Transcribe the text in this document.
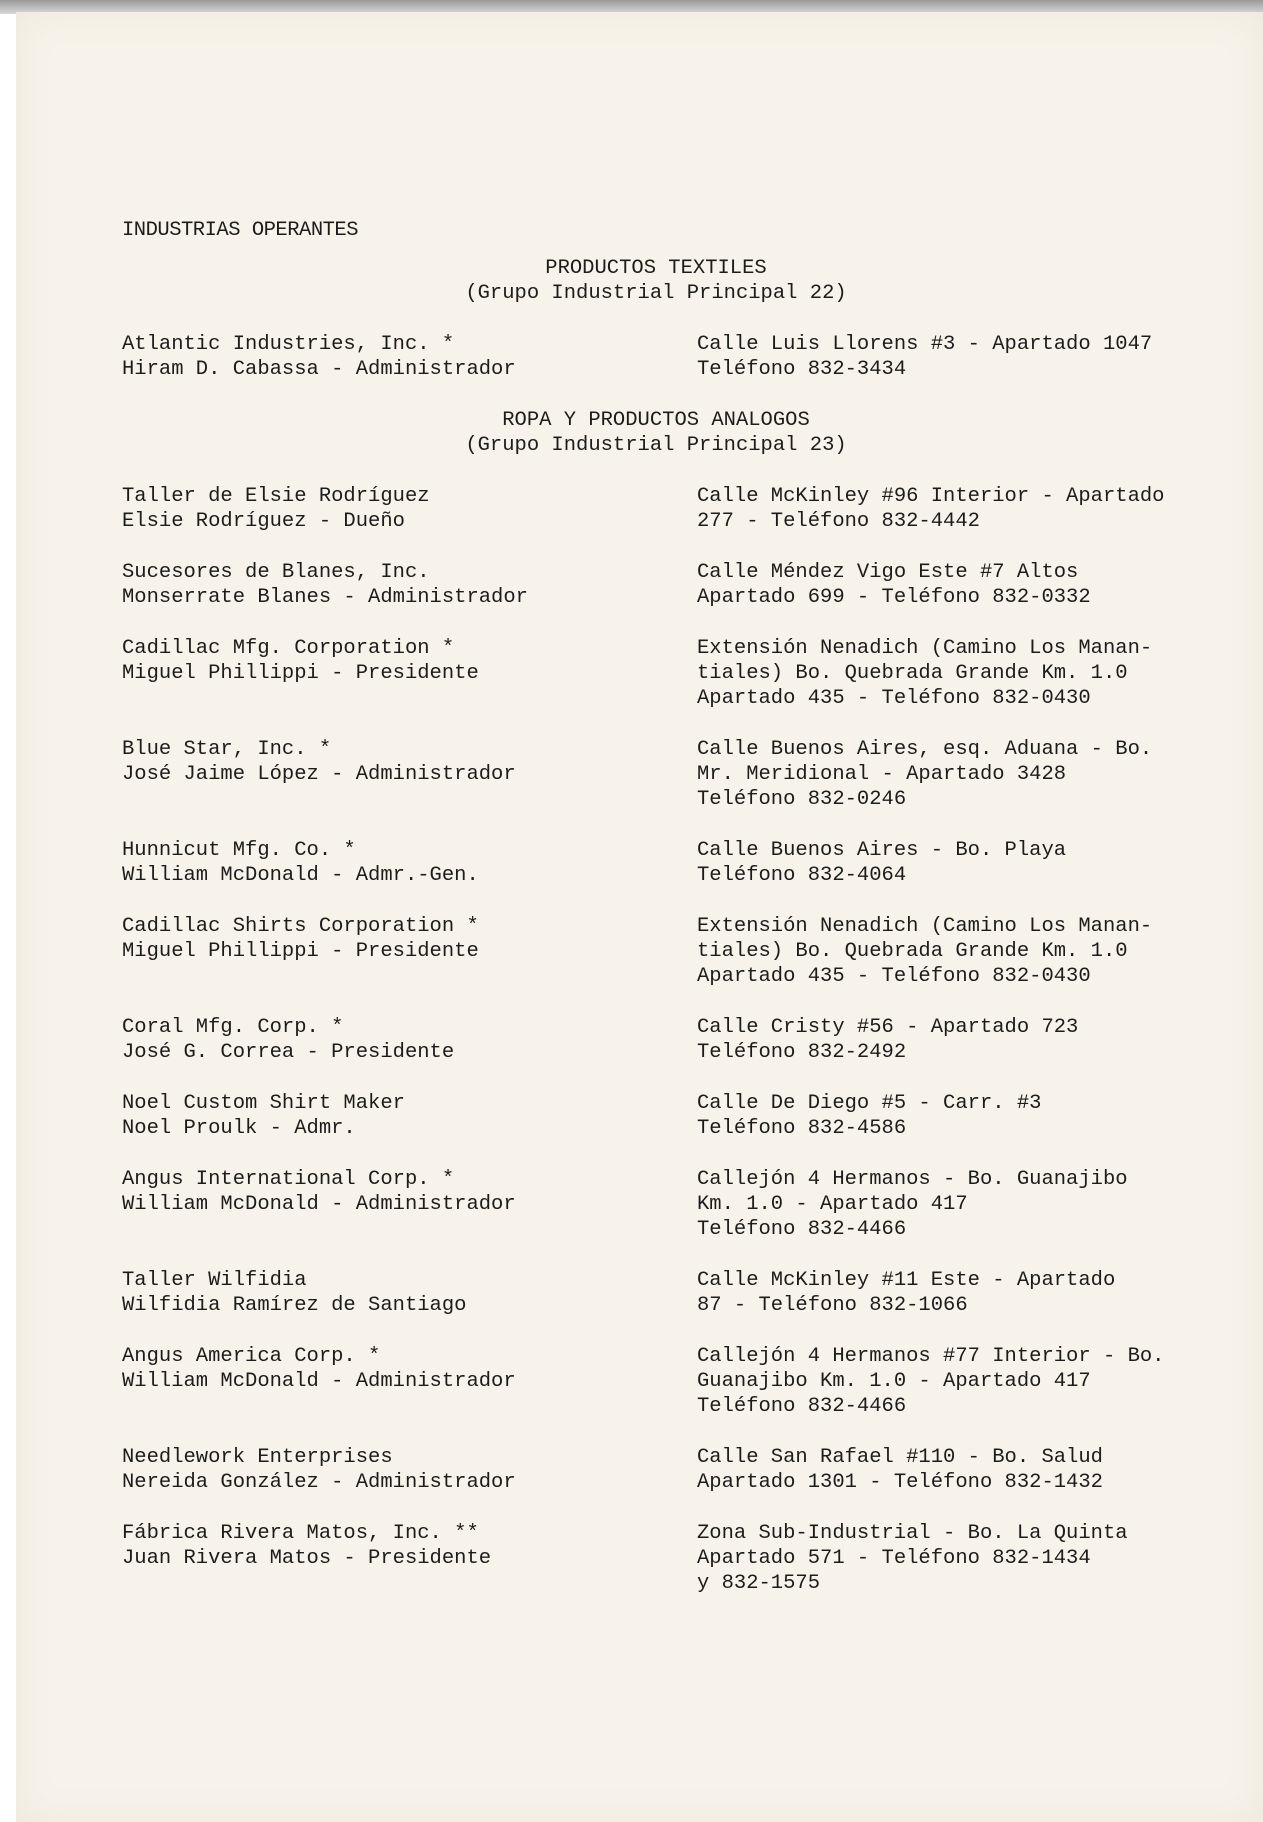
INDUSTRIAS OPERANTES
PRODUCTOS TEXTILES
(Grupo Industrial Principal 22)
Atlantic Industries, Inc. *
Hiram D. Cabassa - Administrador
Calle Luis Llorens #3 - Apartado 1047
Teléfono 832-3434
ROPA Y PRODUCTOS ANALOGOS
(Grupo Industrial Principal 23)
Taller de Elsie Rodríguez
Elsie Rodríguez - Dueño
Calle McKinley #96 Interior - Apartado
277 - Teléfono 832-4442
Sucesores de Blanes, Inc.
Monserrate Blanes - Administrador
Calle Méndez Vigo Este #7 Altos
Apartado 699 - Teléfono 832-0332
Cadillac Mfg. Corporation *
Miguel Phillippi - Presidente
Extensión Nenadich (Camino Los Manan-
tiales) Bo. Quebrada Grande Km. 1.0
Apartado 435 - Teléfono 832-0430
Blue Star, Inc. *
José Jaime López - Administrador
Calle Buenos Aires, esq. Aduana - Bo.
Mr. Meridional - Apartado 3428
Teléfono 832-0246
Hunnicut Mfg. Co. *
William McDonald - Admr.-Gen.
Calle Buenos Aires - Bo. Playa
Teléfono 832-4064
Cadillac Shirts Corporation *
Miguel Phillippi - Presidente
Extensión Nenadich (Camino Los Manan-
tiales) Bo. Quebrada Grande Km. 1.0
Apartado 435 - Teléfono 832-0430
Coral Mfg. Corp. *
José G. Correa - Presidente
Calle Cristy #56 - Apartado 723
Teléfono 832-2492
Noel Custom Shirt Maker
Noel Proulk - Admr.
Calle De Diego #5 - Carr. #3
Teléfono 832-4586
Angus International Corp. *
William McDonald - Administrador
Callejón 4 Hermanos - Bo. Guanajibo
Km. 1.0 - Apartado 417
Teléfono 832-4466
Taller Wilfidia
Wilfidia Ramírez de Santiago
Calle McKinley #11 Este - Apartado
87 - Teléfono 832-1066
Angus America Corp. *
William McDonald - Administrador
Callejón 4 Hermanos #77 Interior - Bo.
Guanajibo Km. 1.0 - Apartado 417
Teléfono 832-4466
Needlework Enterprises
Nereida González - Administrador
Calle San Rafael #110 - Bo. Salud
Apartado 1301 - Teléfono 832-1432
Fábrica Rivera Matos, Inc. **
Juan Rivera Matos - Presidente
Zona Sub-Industrial - Bo. La Quinta
Apartado 571 - Teléfono 832-1434
y 832-1575
